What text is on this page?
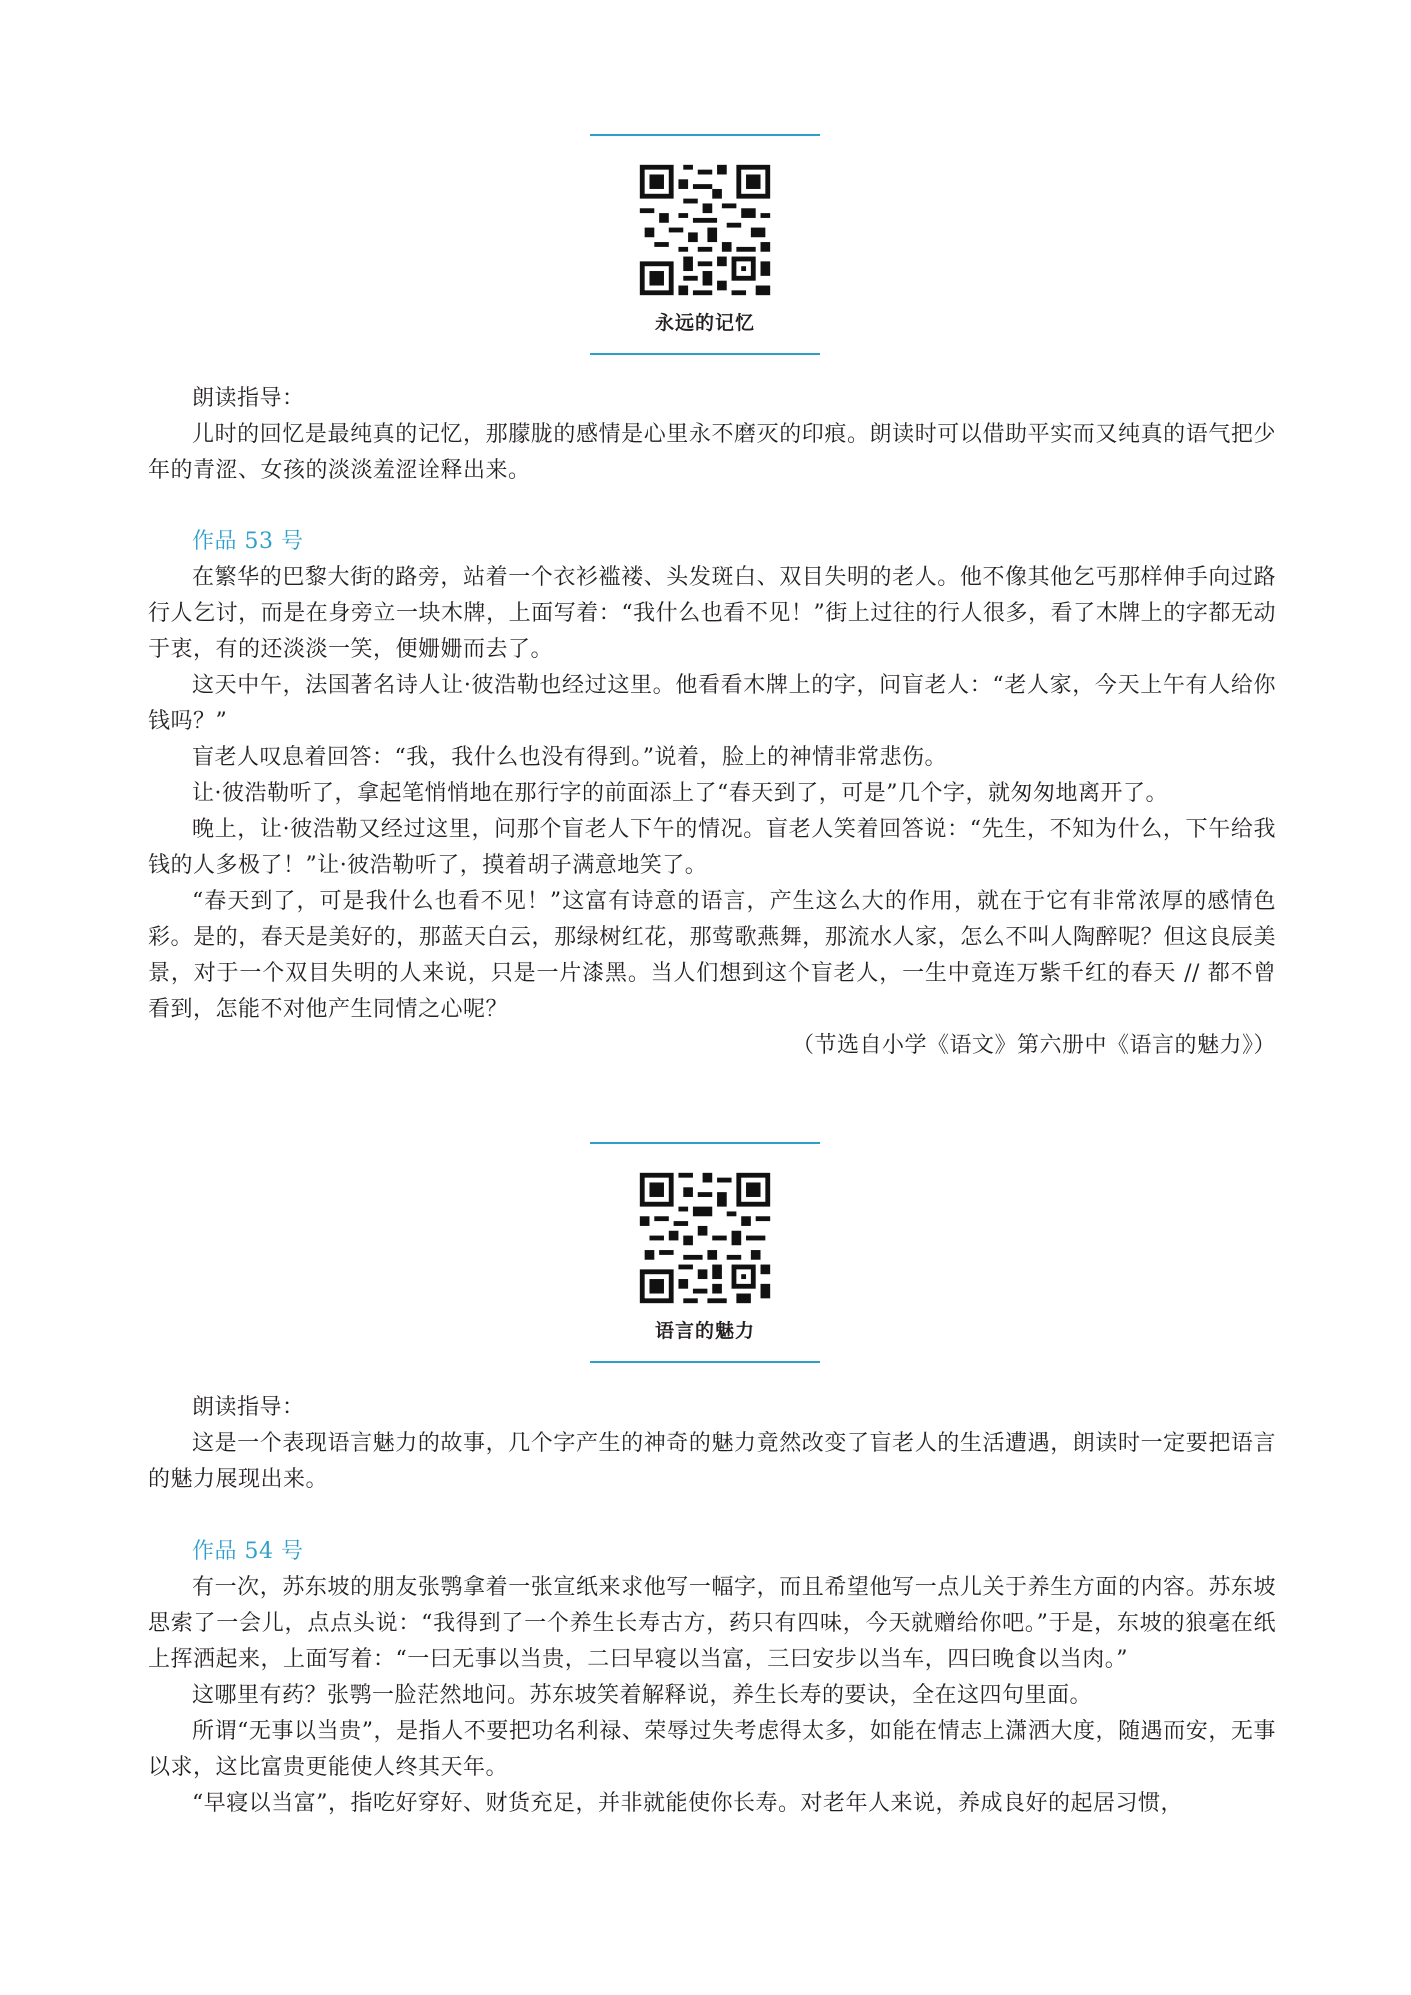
永远的记忆

朗读指导：

儿时的回忆是最纯真的记忆，那朦胧的感情是心里永不磨灭的印痕。朗读时可以借助平实而又纯真的语气把少年的青涩、女孩的淡淡羞涩诠释出来。

作品 53 号

在繁华的巴黎大街的路旁，站着一个衣衫褴褛、头发斑白、双目失明的老人。他不像其他乞丐那样伸手向过路行人乞讨，而是在身旁立一块木牌，上面写着：“我什么也看不见！”街上过往的行人很多，看了木牌上的字都无动于衷，有的还淡淡一笑，便姗姗而去了。

这天中午，法国著名诗人让·彼浩勒也经过这里。他看看木牌上的字，问盲老人：“老人家，今天上午有人给你钱吗？”

盲老人叹息着回答：“我，我什么也没有得到。”说着，脸上的神情非常悲伤。

让·彼浩勒听了，拿起笔悄悄地在那行字的前面添上了“春天到了，可是”几个字，就匆匆地离开了。

晚上，让·彼浩勒又经过这里，问那个盲老人下午的情况。盲老人笑着回答说：“先生，不知为什么，下午给我钱的人多极了！”让·彼浩勒听了，摸着胡子满意地笑了。

“春天到了，可是我什么也看不见！”这富有诗意的语言，产生这么大的作用，就在于它有非常浓厚的感情色彩。是的，春天是美好的，那蓝天白云，那绿树红花，那莺歌燕舞，那流水人家，怎么不叫人陶醉呢？但这良辰美景，对于一个双目失明的人来说，只是一片漆黑。当人们想到这个盲老人，一生中竟连万紫千红的春天 // 都不曾看到，怎能不对他产生同情之心呢？

（节选自小学《语文》第六册中《语言的魅力》）

语言的魅力

朗读指导：

这是一个表现语言魅力的故事，几个字产生的神奇的魅力竟然改变了盲老人的生活遭遇，朗读时一定要把语言的魅力展现出来。

作品 54 号

有一次，苏东坡的朋友张鹗拿着一张宣纸来求他写一幅字，而且希望他写一点儿关于养生方面的内容。苏东坡思索了一会儿，点点头说：“我得到了一个养生长寿古方，药只有四味，今天就赠给你吧。”于是，东坡的狼毫在纸上挥洒起来，上面写着：“一曰无事以当贵，二曰早寝以当富，三曰安步以当车，四曰晚食以当肉。”

这哪里有药？张鹗一脸茫然地问。苏东坡笑着解释说，养生长寿的要诀，全在这四句里面。

所谓“无事以当贵”，是指人不要把功名利禄、荣辱过失考虑得太多，如能在情志上潇洒大度，随遇而安，无事以求，这比富贵更能使人终其天年。

“早寝以当富”，指吃好穿好、财货充足，并非就能使你长寿。对老年人来说，养成良好的起居习惯，
